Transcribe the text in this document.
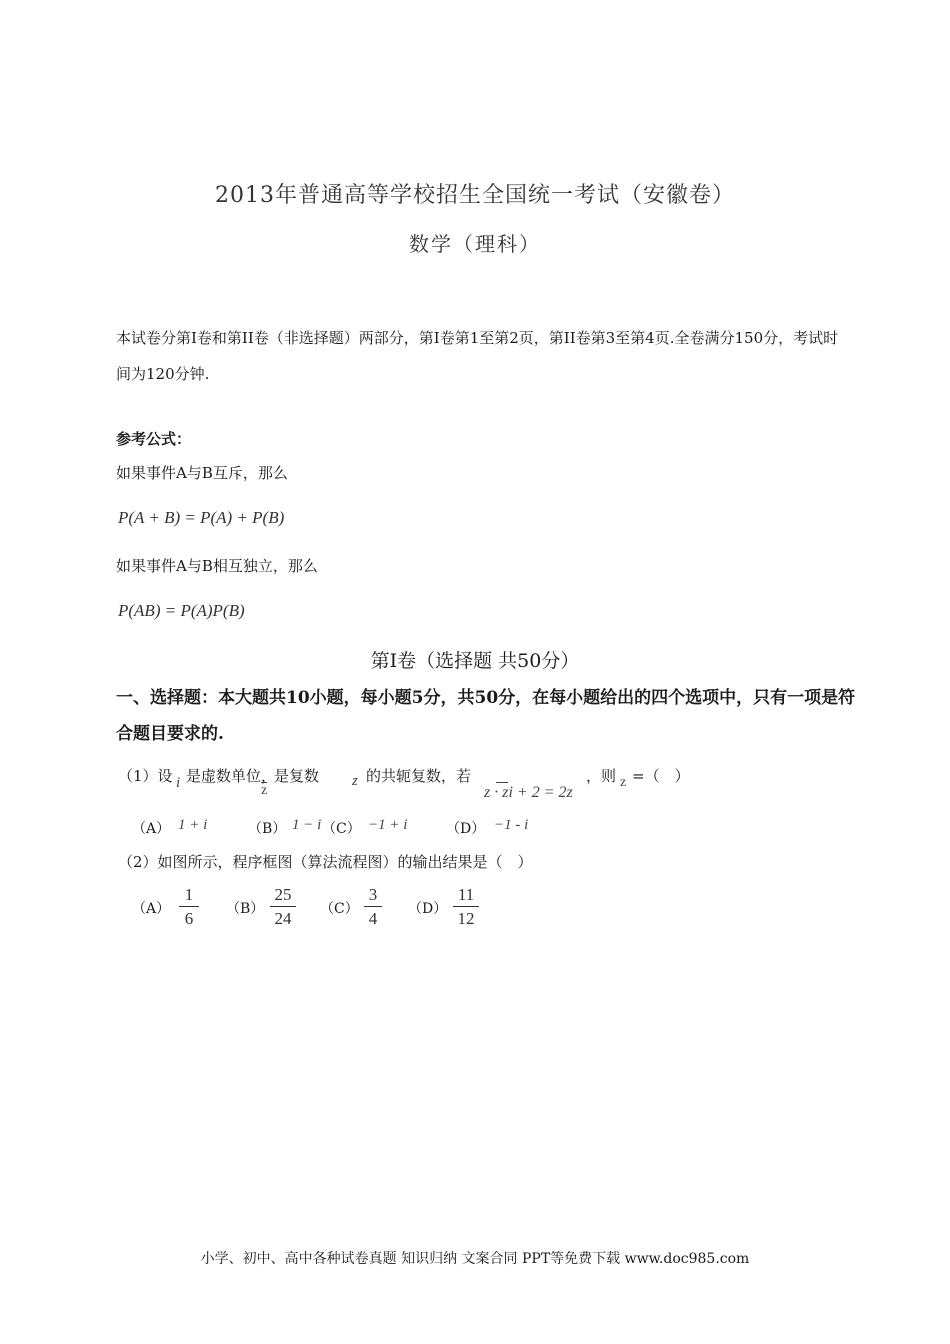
2013年普通高等学校招生全国统一考试（安徽卷）
数学（理科）
本试卷分第Ⅰ卷和第II卷（非选择题）两部分，第Ⅰ卷第1至第2页，第II卷第3至第4页.全卷满分150分，考试时间为120分钟.
参考公式：
如果事件A与B互斥，那么
P(A + B) = P(A) + P(B)
如果事件A与B相互独立，那么
P(AB) = P(A)P(B)
第Ⅰ卷（选择题 共50分）
一、选择题：本大题共10小题，每小题5分，共50分，在每小题给出的四个选项中，只有一项是符合题目要求的.
（1）设 i 是虚数单位，
z
是复数 z 的共轭复数，若
z · zi + 2 = 2z
，则 z =（　）
（A） 1 + i	（B） 1 − i （C） −1 + i	（D） −1 - i
（2）如图所示，程序框图（算法流程图）的输出结果是（　）
$(A) \frac{1}{6} (B) \frac{25}{24} (C) \frac{3}{4} (D) \frac{11}{12}$
小学、初中、高中各种试卷真题 知识归纳 文案合同 PPT等免费下载 www.doc985.com
